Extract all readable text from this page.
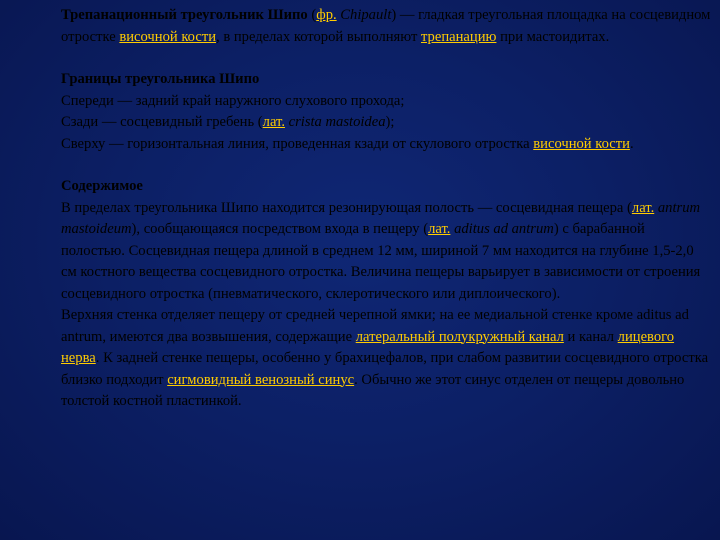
Трепанационный треугольник Шипо (фр. Chipault) — гладкая треугольная площадка на сосцевидном отростке височной кости, в пределах которой выполняют трепанацию при мастоидитах.

Границы треугольника Шипо

Спереди — задний край наружного слухового прохода;

Сзади — сосцевидный гребень (лат. crista mastoidea);

Сверху — горизонтальная линия, проведенная кзади от скулового отростка височной кости.

Содержимое

В пределах треугольника Шипо находится резонирующая полость — сосцевидная пещера (лат. antrum mastoideum), сообщающаяся посредством входа в пещеру (лат. aditus ad antrum) с барабанной полостью. Сосцевидная пещера длиной в среднем 12 мм, шириной 7 мм находится на глубине 1,5-2,0 см костного вещества сосцевидного отростка. Величина пещеры варьирует в зависимости от строения сосцевидного отростка (пневматического, склеротического или диплоического).

Верхняя стенка отделяет пещеру от средней черепной ямки; на ее медиальной стенке кроме aditus ad antrum, имеются два возвышения, содержащие латеральный полукружный канал и канал лицевого нерва. К задней стенке пещеры, особенно у брахицефалов, при слабом развитии сосцевидного отростка близко подходит сигмовидный венозный синус. Обычно же этот синус отделен от пещеры довольно толстой костной пластинкой.
